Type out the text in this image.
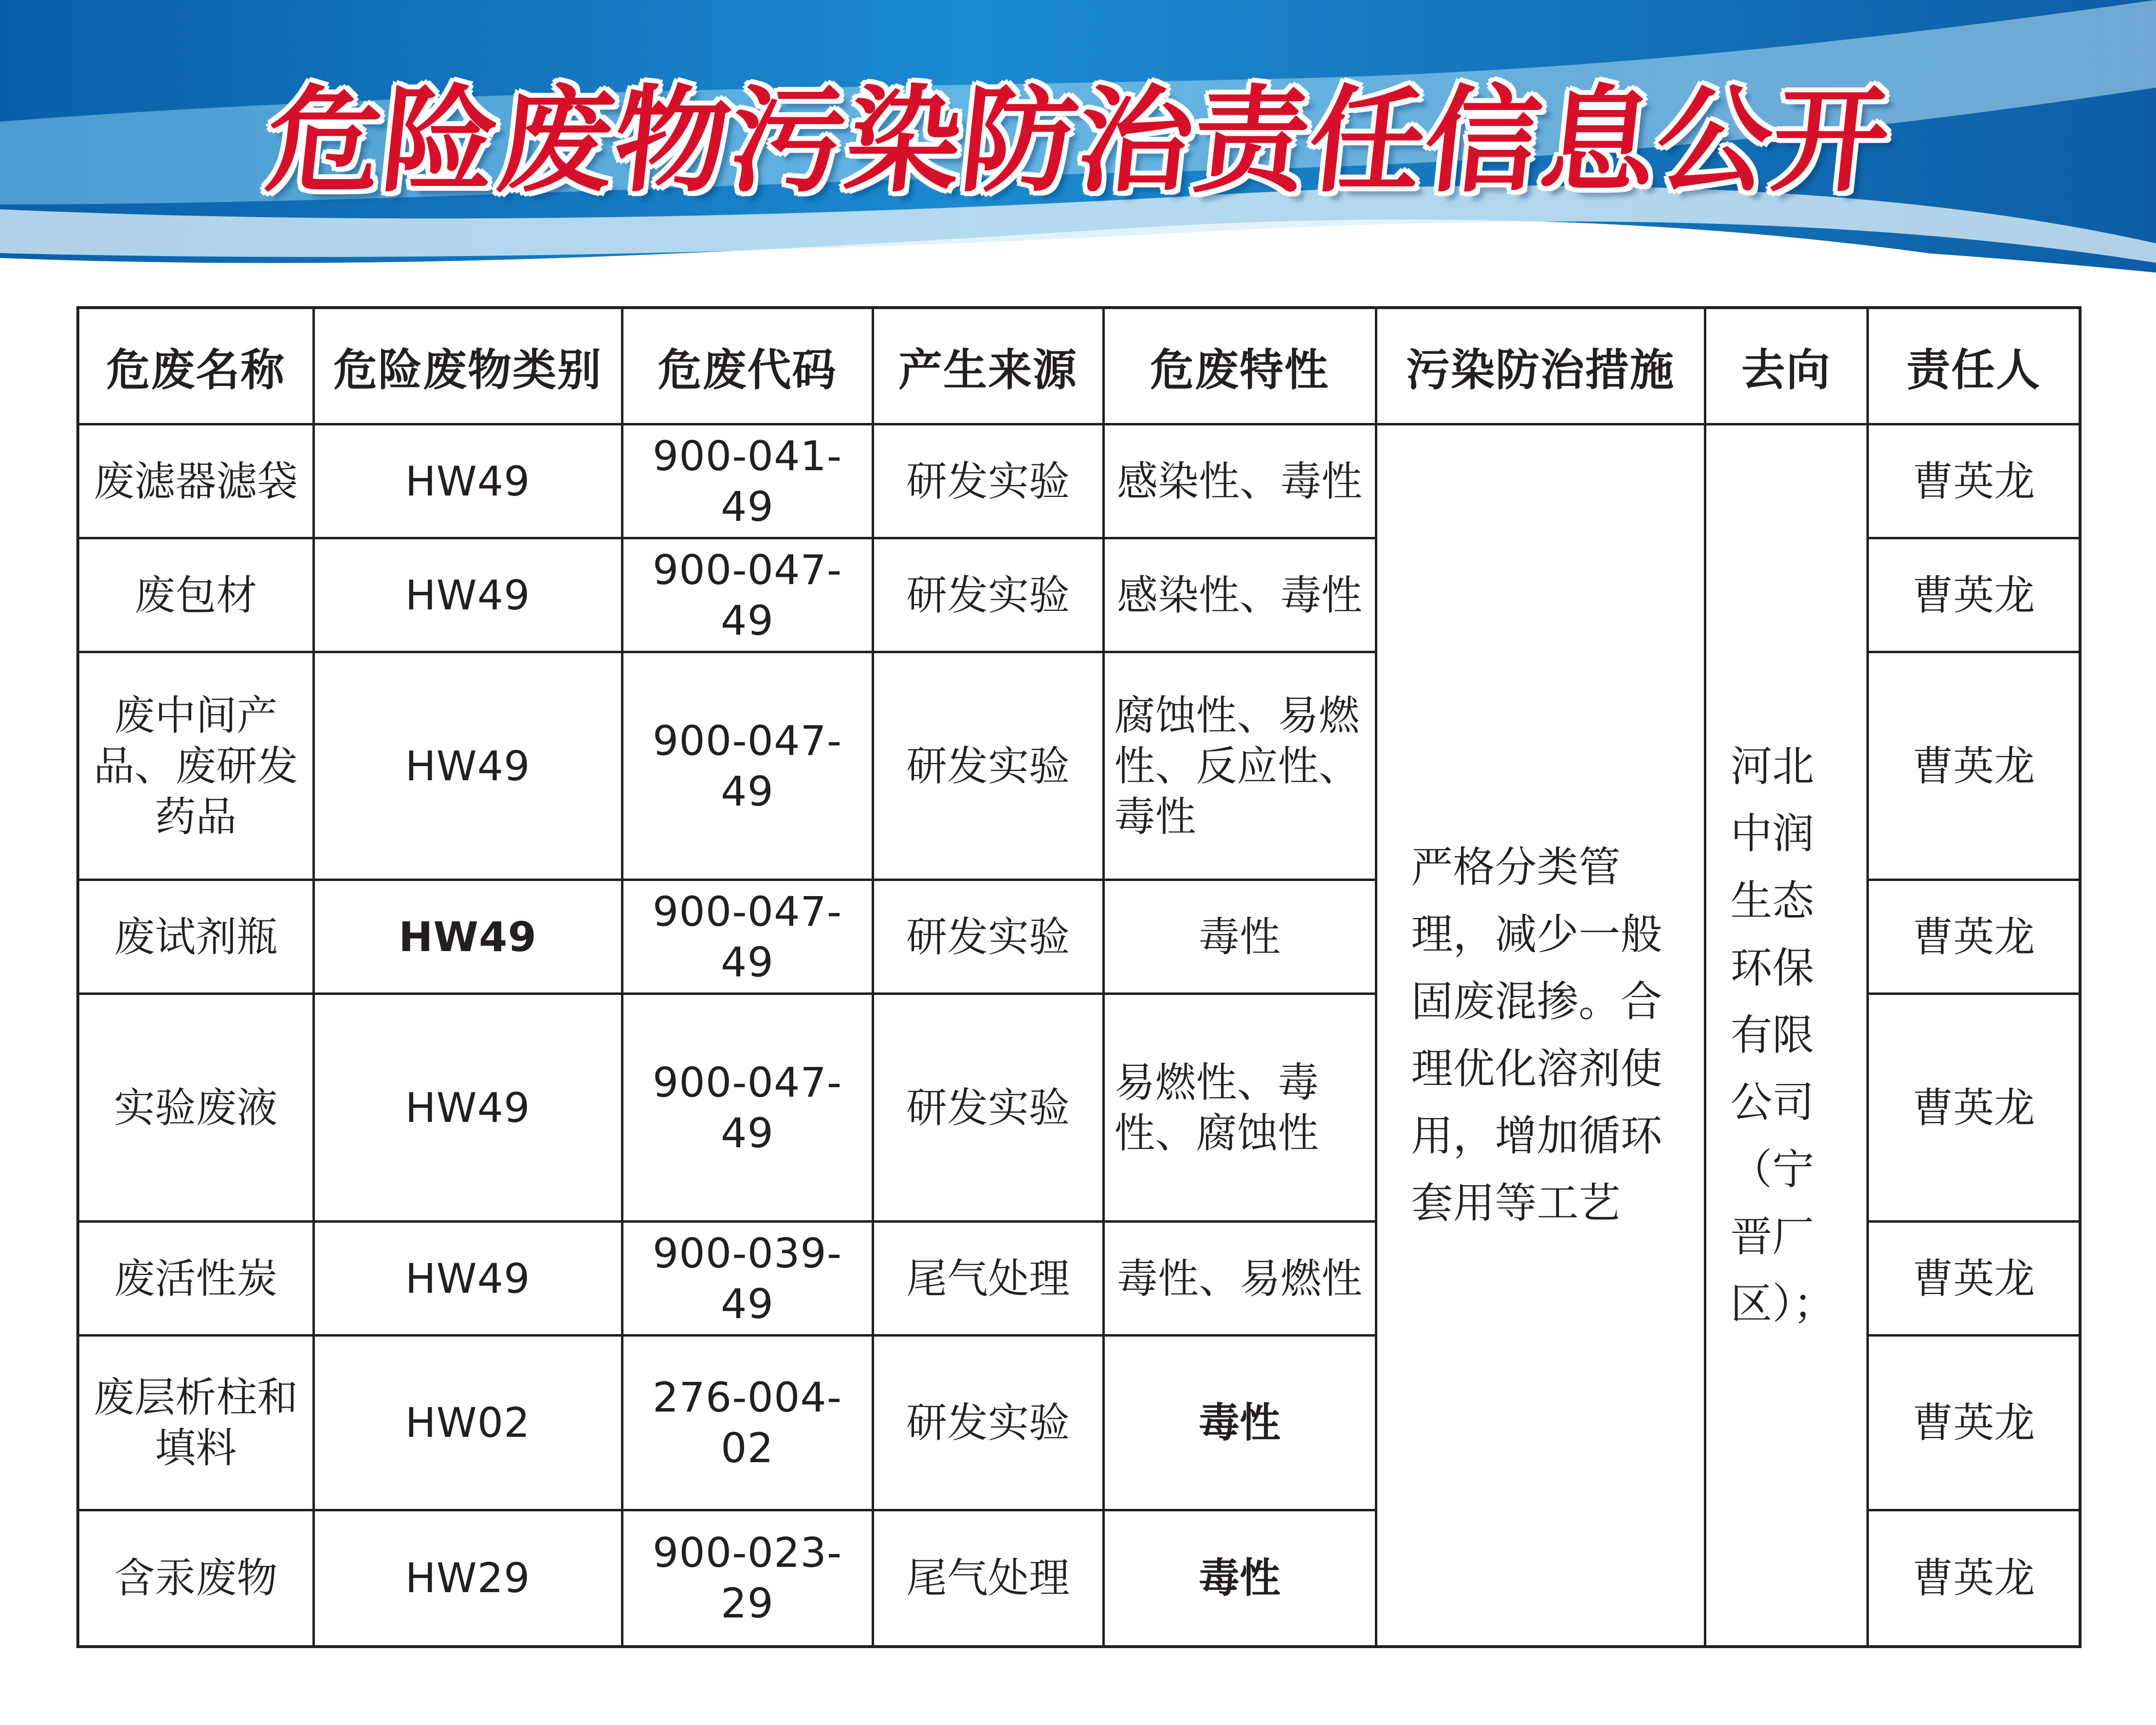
危险废物污染防治责任信息公开
危废名称	危险废物类别	危废代码	产生来源	危废特性	污染防治措施	去向	责任人
废滤器滤袋	HW49	900-041-49	研发实验	感染性、毒性	严格分类管理，减少一般固废混掺。合理优化溶剂使用，增加循环套用等工艺	河北中润生态环保有限公司（宁晋厂区）；	曹英龙
废包材	HW49	900-047-49	研发实验	感染性、毒性			曹英龙
废中间产品、废研发药品	HW49	900-047-49	研发实验	腐蚀性、易燃性、反应性、毒性			曹英龙
废试剂瓶	HW49	900-047-49	研发实验	毒性			曹英龙
实验废液	HW49	900-047-49	研发实验	易燃性、毒性、腐蚀性			曹英龙
废活性炭	HW49	900-039-49	尾气处理	毒性、易燃性			曹英龙
废层析柱和填料	HW02	276-004-02	研发实验	毒性			曹英龙
含汞废物	HW29	900-023-29	尾气处理	毒性			曹英龙
